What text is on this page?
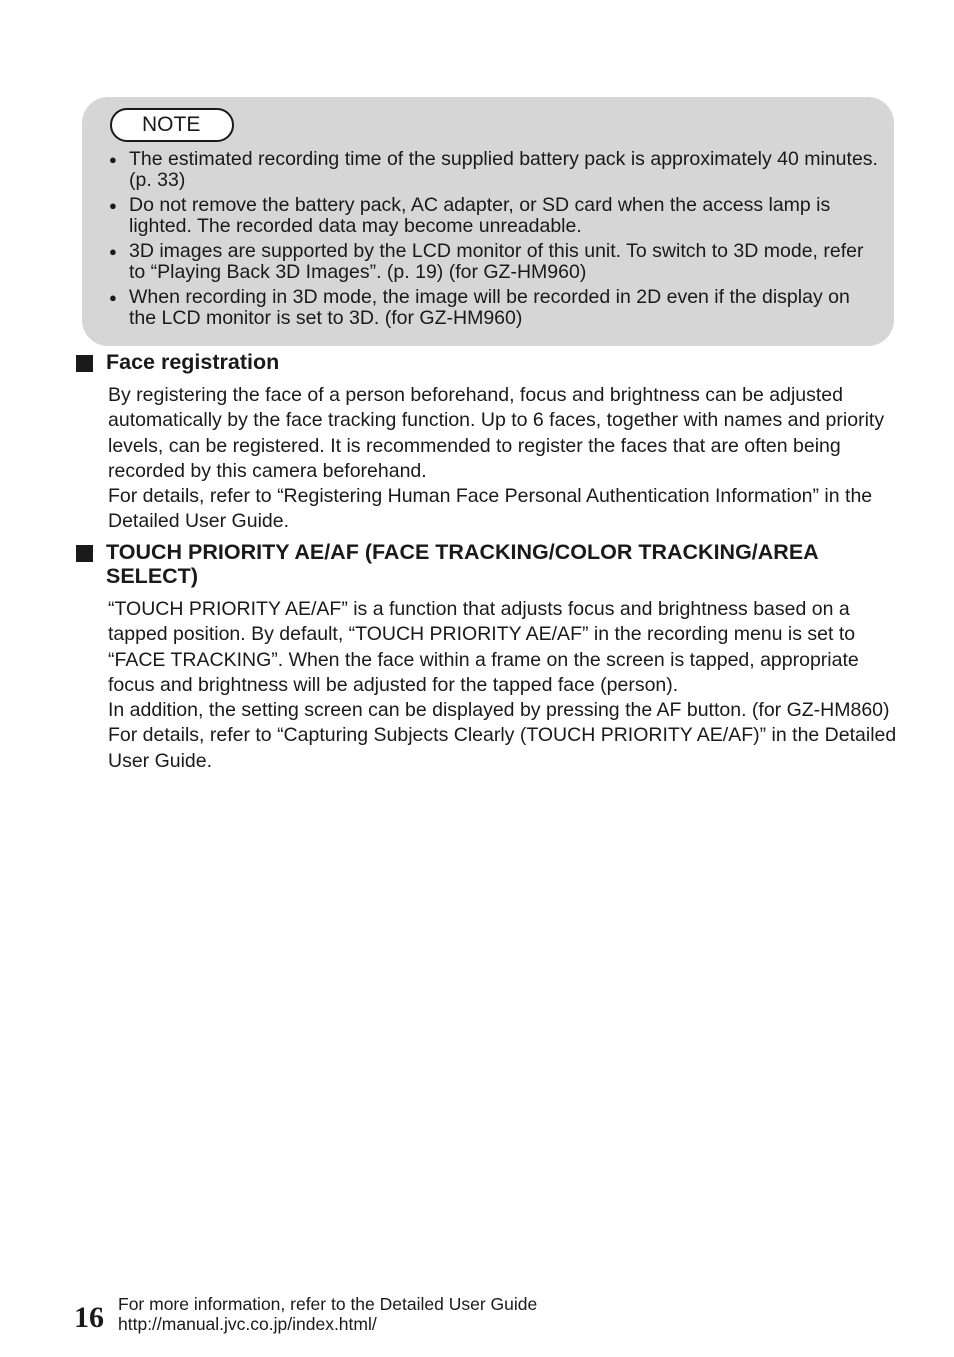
NOTE
● The estimated recording time of the supplied battery pack is approximately 40 minutes. (p. 33)
● Do not remove the battery pack, AC adapter, or SD card when the access lamp is lighted. The recorded data may become unreadable.
● 3D images are supported by the LCD monitor of this unit. To switch to 3D mode, refer to “Playing Back 3D Images”. (p. 19) (for GZ-HM960)
● When recording in 3D mode, the image will be recorded in 2D even if the display on the LCD monitor is set to 3D. (for GZ-HM960)
Face registration

By registering the face of a person beforehand, focus and brightness can be adjusted automatically by the face tracking function. Up to 6 faces, together with names and priority levels, can be registered. It is recommended to register the faces that are often being recorded by this camera beforehand.

For details, refer to “Registering Human Face Personal Authentication Information” in the Detailed User Guide.

TOUCH PRIORITY AE/AF (FACE TRACKING/COLOR TRACKING/AREA SELECT)

“TOUCH PRIORITY AE/AF” is a function that adjusts focus and brightness based on a tapped position. By default, “TOUCH PRIORITY AE/AF” in the recording menu is set to “FACE TRACKING”. When the face within a frame on the screen is tapped, appropriate focus and brightness will be adjusted for the tapped face (person).

In addition, the setting screen can be displayed by pressing the AF button. (for GZ-HM860)

For details, refer to “Capturing Subjects Clearly (TOUCH PRIORITY AE/AF)” in the Detailed User Guide.

16 For more information, refer to the Detailed User Guide
http://manual.jvc.co.jp/index.html/
